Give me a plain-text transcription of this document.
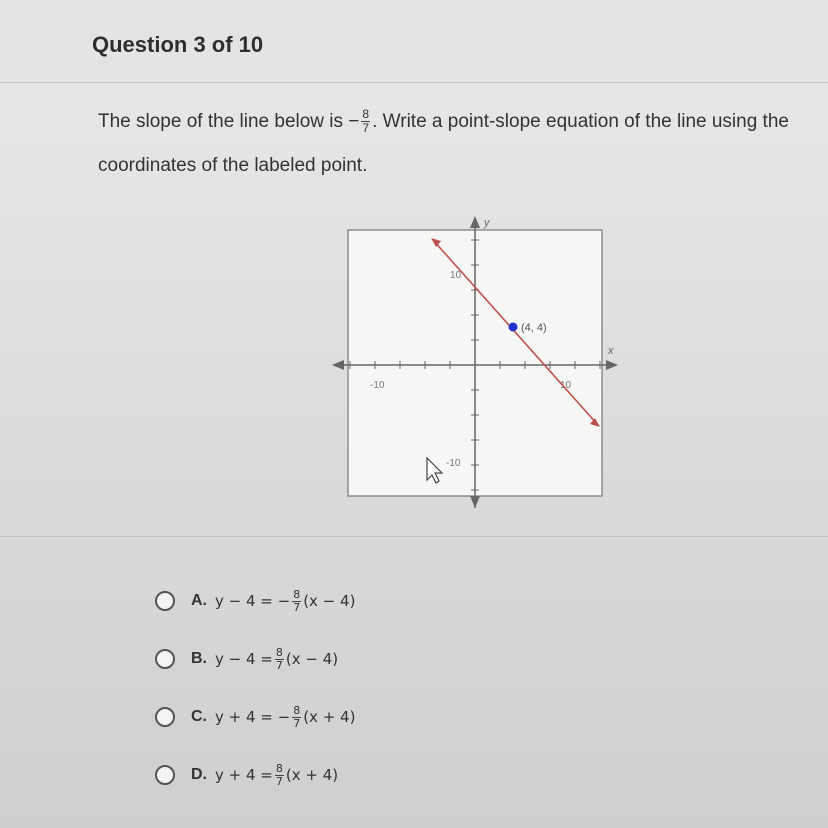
Question 3 of 10
The slope of the line below is − $\frac{8}{7}$ . Write a point-slope equation of the line using the coordinates of the labeled point.
y
x
10
-10
10
-10
(4, 4)
A. y − 4 = − $\frac{8}{7} (x - 4)$
B. $y - 4 = \frac{8}{7} (x - 4)$
C. y + 4 = − $\frac{8}{7} (x + 4)$
D. $y + 4 = \frac{8}{7} (x + 4)$
